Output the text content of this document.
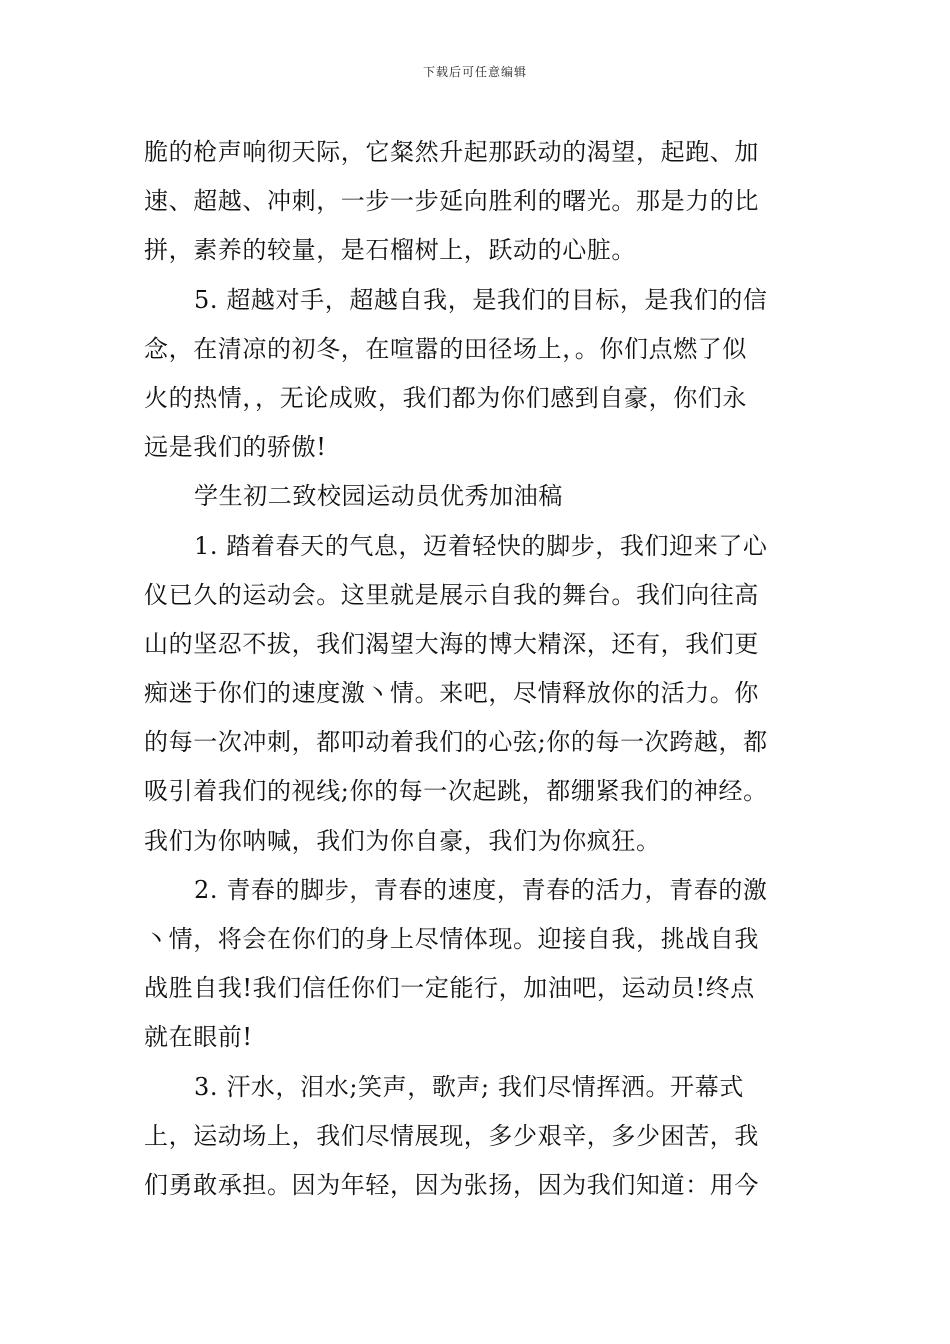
下载后可任意编辑
脆的枪声响彻天际，它粲然升起那跃动的渴望，起跑、加
速、超越、冲刺，一步一步延向胜利的曙光。那是力的比
拼，素养的较量，是石榴树上，跃动的心脏。
5. 超越对手，超越自我，是我们的目标，是我们的信
念，在清凉的初冬，在喧嚣的田径场上，。你们点燃了似
火的热情，，无论成败，我们都为你们感到自豪，你们永
远是我们的骄傲!
学生初二致校园运动员优秀加油稿
1. 踏着春天的气息，迈着轻快的脚步，我们迎来了心
仪已久的运动会。这里就是展示自我的舞台。我们向往高
山的坚忍不拔，我们渴望大海的博大精深，还有，我们更
痴迷于你们的速度激丶情。来吧，尽情释放你的活力。你
的每一次冲刺，都叩动着我们的心弦;你的每一次跨越，都
吸引着我们的视线;你的每一次起跳，都绷紧我们的神经。
我们为你呐喊，我们为你自豪，我们为你疯狂。
2. 青春的脚步，青春的速度，青春的活力，青春的激
丶情，将会在你们的身上尽情体现。迎接自我，挑战自我
战胜自我!我们信任你们一定能行，加油吧，运动员!终点
就在眼前!
3. 汗水，泪水;笑声，歌声; 我们尽情挥洒。开幕式
上，运动场上，我们尽情展现，多少艰辛，多少困苦，我
们勇敢承担。因为年轻，因为张扬，因为我们知道：用今
